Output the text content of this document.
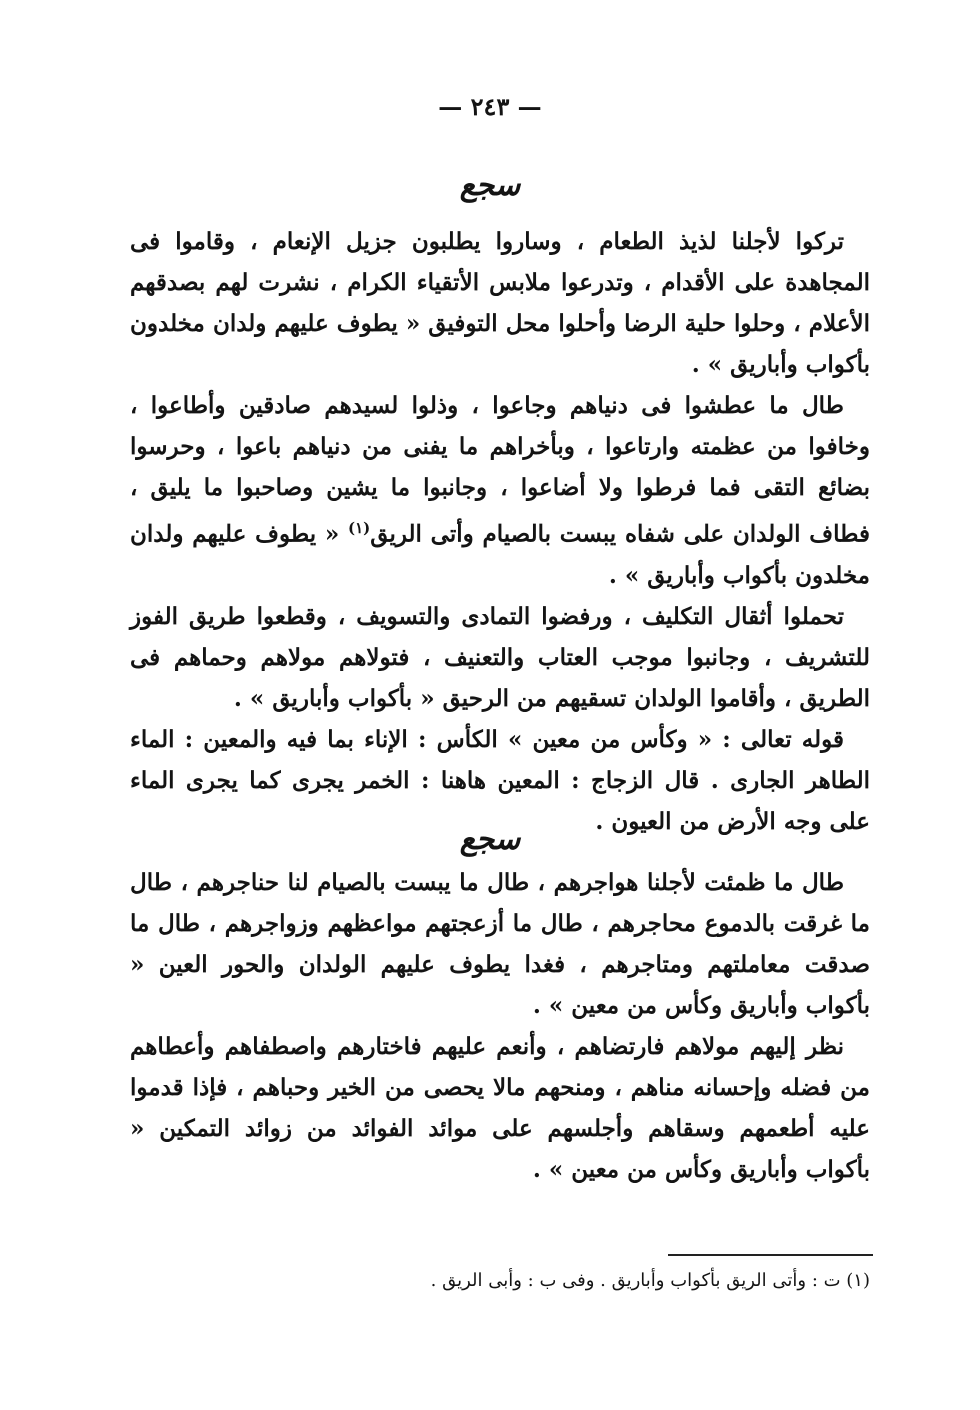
— ٢٤٣ —
سجع

تركوا لأجلنا لذيذ الطعام ، وساروا يطلبون جزيل الإنعام ، وقاموا فى المجاهدة على الأقدام ، وتدرعوا ملابس الأتقياء الكرام ، نشرت لهم بصدقهم الأعلام ، وحلوا حلية الرضا وأحلوا محل التوفيق « يطوف عليهم ولدان مخلدون بأكواب وأباريق » .

طال ما عطشوا فى دنياهم وجاعوا ، وذلوا لسيدهم صادقين وأطاعوا ، وخافوا من عظمته وارتاعوا ، وبأخراهم ما يفنى من دنياهم باعوا ، وحرسوا بضائع التقى فما فرطوا ولا أضاعوا ، وجانبوا ما يشين وصاحبوا ما يليق ، فطاف الولدان على شفاه يبست بالصيام وأتى الريق$^{(١)}$ « يطوف عليهم ولدان مخلدون بأكواب وأباريق » .

تحملوا أثقال التكليف ، ورفضوا التمادى والتسويف ، وقطعوا طريق الفوز للتشريف ، وجانبوا موجب العتاب والتعنيف ، فتولاهم مولاهم وحماهم فى الطريق ، وأقاموا الولدان تسقيهم من الرحيق « بأكواب وأباريق » .

قوله تعالى : « وكأس من معين » الكأس : الإناء بما فيه والمعين : الماء الطاهر الجارى . قال الزجاج : المعين هاهنا : الخمر يجرى كما يجرى الماء على وجه الأرض من العيون .

سجع

طال ما ظمئت لأجلنا هواجرهم ، طال ما يبست بالصيام لنا حناجرهم ، طال ما غرقت بالدموع محاجرهم ، طال ما أزعجتهم مواعظهم وزواجرهم ، طال ما صدقت معاملتهم ومتاجرهم ، فغدا يطوف عليهم الولدان والحور العين « بأكواب وأباريق وكأس من معين » .

نظر إليهم مولاهم فارتضاهم ، وأنعم عليهم فاختارهم واصطفاهم وأعطاهم من فضله وإحسانه مناهم ، ومنحهم مالا يحصى من الخير وحباهم ، فإذا قدموا عليه أطعمهم وسقاهم وأجلسهم على موائد الفوائد من زوائد التمكين « بأكواب وأباريق وكأس من معين » .

(١) ت : وأتى الريق بأكواب وأباريق . وفى ب : وأبى الريق .
